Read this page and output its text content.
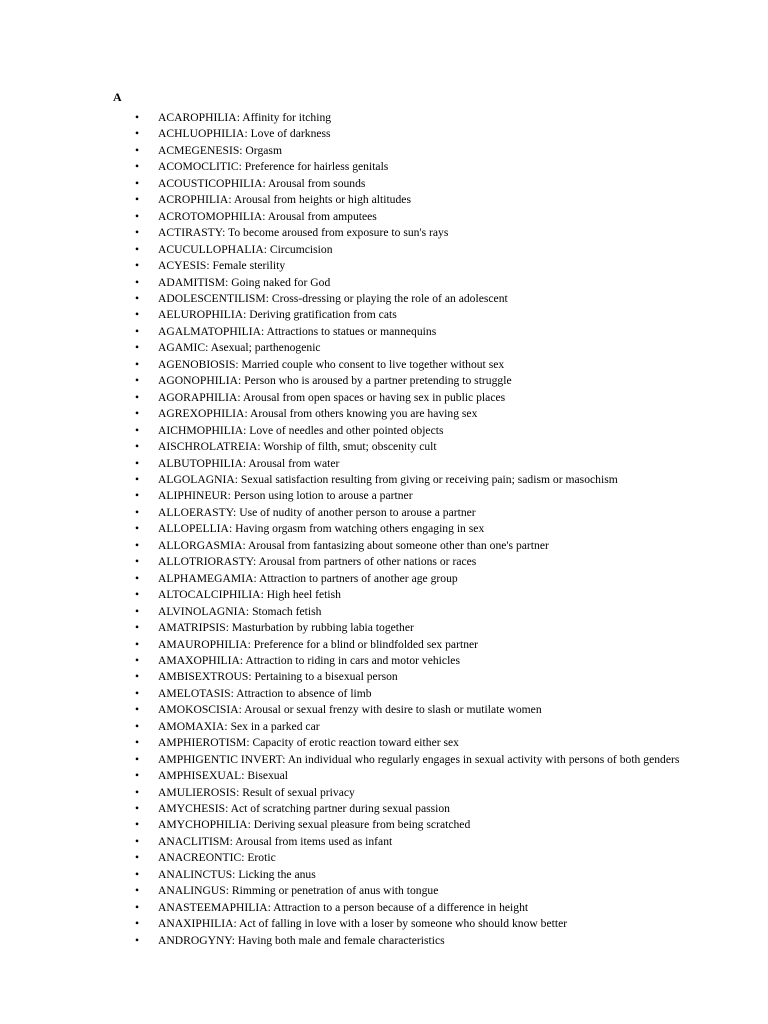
A
• ACAROPHILIA: Affinity for itching
• ACHLUOPHILIA: Love of darkness
• ACMEGENESIS: Orgasm
• ACOMOCLITIC: Preference for hairless genitals
• ACOUSTICOPHILIA: Arousal from sounds
• ACROPHILIA: Arousal from heights or high altitudes
• ACROTOMOPHILIA: Arousal from amputees
• ACTIRASTY: To become aroused from exposure to sun's rays
• ACUCULLOPHALIA: Circumcision
• ACYESIS: Female sterility
• ADAMITISM: Going naked for God
• ADOLESCENTILISM: Cross-dressing or playing the role of an adolescent
• AELUROPHILIA: Deriving gratification from cats
• AGALMATOPHILIA: Attractions to statues or mannequins
• AGAMIC: Asexual; parthenogenic
• AGENOBIOSIS: Married couple who consent to live together without sex
• AGONOPHILIA: Person who is aroused by a partner pretending to struggle
• AGORAPHILIA: Arousal from open spaces or having sex in public places
• AGREXOPHILIA: Arousal from others knowing you are having sex
• AICHMOPHILIA: Love of needles and other pointed objects
• AISCHROLATREIA: Worship of filth, smut; obscenity cult
• ALBUTOPHILIA: Arousal from water
• ALGOLAGNIA: Sexual satisfaction resulting from giving or receiving pain; sadism or masochism
• ALIPHINEUR: Person using lotion to arouse a partner
• ALLOERASTY: Use of nudity of another person to arouse a partner
• ALLOPELLIA: Having orgasm from watching others engaging in sex
• ALLORGASMIA: Arousal from fantasizing about someone other than one's partner
• ALLOTRIORASTY: Arousal from partners of other nations or races
• ALPHAMEGAMIA: Attraction to partners of another age group
• ALTOCALCIPHILIA: High heel fetish
• ALVINOLAGNIA: Stomach fetish
• AMATRIPSIS: Masturbation by rubbing labia together
• AMAUROPHILIA: Preference for a blind or blindfolded sex partner
• AMAXOPHILIA: Attraction to riding in cars and motor vehicles
• AMBISEXTROUS: Pertaining to a bisexual person
• AMELOTASIS: Attraction to absence of limb
• AMOKOSCISIA: Arousal or sexual frenzy with desire to slash or mutilate women
• AMOMAXIA: Sex in a parked car
• AMPHIEROTISM: Capacity of erotic reaction toward either sex
• AMPHIGENTIC INVERT: An individual who regularly engages in sexual activity with persons of both genders
• AMPHISEXUAL: Bisexual
• AMULIEROSIS: Result of sexual privacy
• AMYCHESIS: Act of scratching partner during sexual passion
• AMYCHOPHILIA: Deriving sexual pleasure from being scratched
• ANACLITISM: Arousal from items used as infant
• ANACREONTIC: Erotic
• ANALINCTUS: Licking the anus
• ANALINGUS: Rimming or penetration of anus with tongue
• ANASTEEMAPHILIA: Attraction to a person because of a difference in height
• ANAXIPHILIA: Act of falling in love with a loser by someone who should know better
• ANDROGYNY: Having both male and female characteristics
